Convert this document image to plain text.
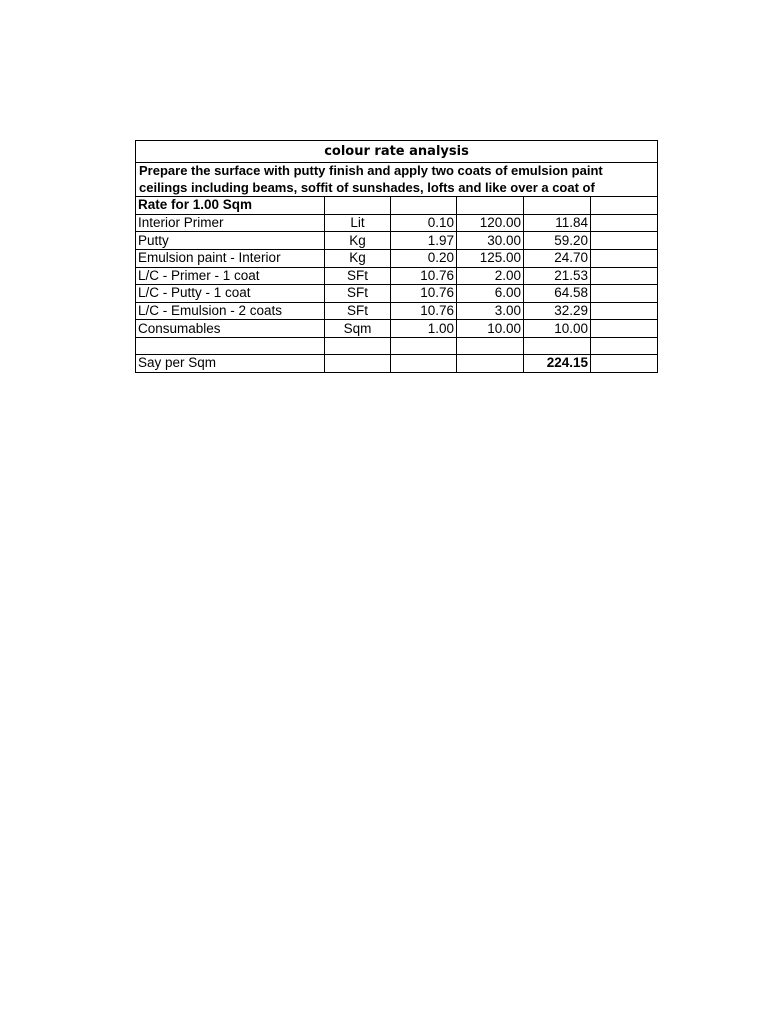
colour rate analysis					
Prepare the surface with putty finish and apply two coats of emulsion paint					
ceilings including beams, soffit of sunshades, lofts and like over a coat of					
Rate for 1.00 Sqm					
Interior Primer	Lit	0.10	120.00	11.84	
Putty	Kg	1.97	30.00	59.20	
Emulsion paint - Interior	Kg	0.20	125.00	24.70	
L/C - Primer - 1 coat	SFt	10.76	2.00	21.53	
L/C - Putty - 1 coat	SFt	10.76	6.00	64.58	
L/C - Emulsion - 2 coats	SFt	10.76	3.00	32.29	
Consumables	Sqm	1.00	10.00	10.00	

Say per Sqm				224.15	
